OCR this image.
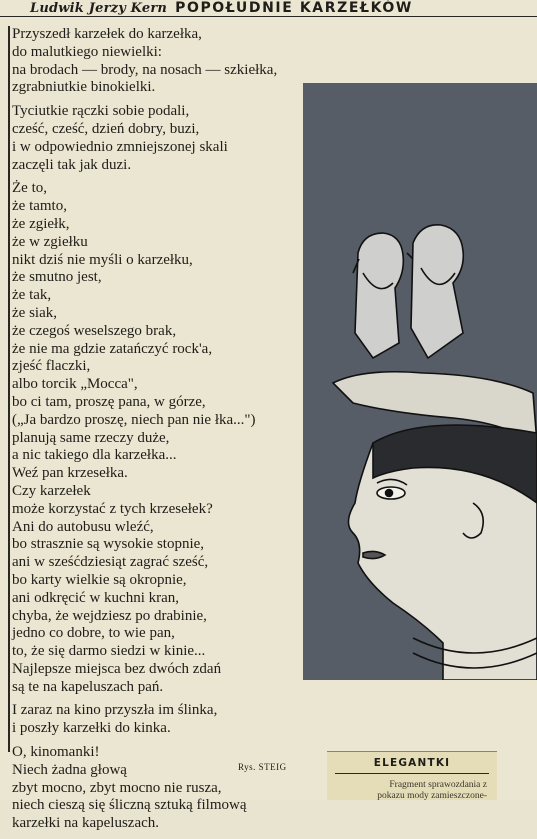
Ludwik Jerzy Kern POPOŁUDNIE KARZEŁKÓW
Przyszedł karzełek do karzełka,
do malutkiego niewielki:
na brodach — brody, na nosach — szkiełka,
zgrabniutkie binokielki.
Tyciutkie rączki sobie podali,
cześć, cześć, dzień dobry, buzi,
i w odpowiednio zmniejszonej skali
zaczęli tak jak duzi.
Że to,
że tamto,
że zgiełk,
że w zgiełku
nikt dziś nie myśli o karzełku,
że smutno jest,
że tak,
że siak,
że czegoś weselszego brak,
że nie ma gdzie zatańczyć rock'a,
zjeść flaczki,
albo torcik „Mocca",
bo ci tam, proszę pana, w górze,
(„Ja bardzo proszę, niech pan nie łka...")
planują same rzeczy duże,
a nic takiego dla karzełka...
Weź pan krzesełka.
Czy karzełek
może korzystać z tych krzesełek?
Ani do autobusu wleźć,
bo strasznie są wysokie stopnie,
ani w sześćdziesiąt zagrać sześć,
bo karty wielkie są okropnie,
ani odkręcić w kuchni kran,
chyba, że wejdziesz po drabinie,
jedno co dobre, to wie pan,
to, że się darmo siedzi w kinie...
Najlepsze miejsca bez dwóch zdań
są te na kapeluszach pań.
I zaraz na kino przyszła im ślinka,
i poszły karzełki do kinka.
O, kinomanki!
Niech żadna głową
zbyt mocno, zbyt mocno nie rusza,
niech cieszą się śliczną sztuką filmową
karzełki na kapeluszach.
Rys. STEIG	ELEGANTKI
Fragment sprawozdania z
pokazu mody zamieszczone-
